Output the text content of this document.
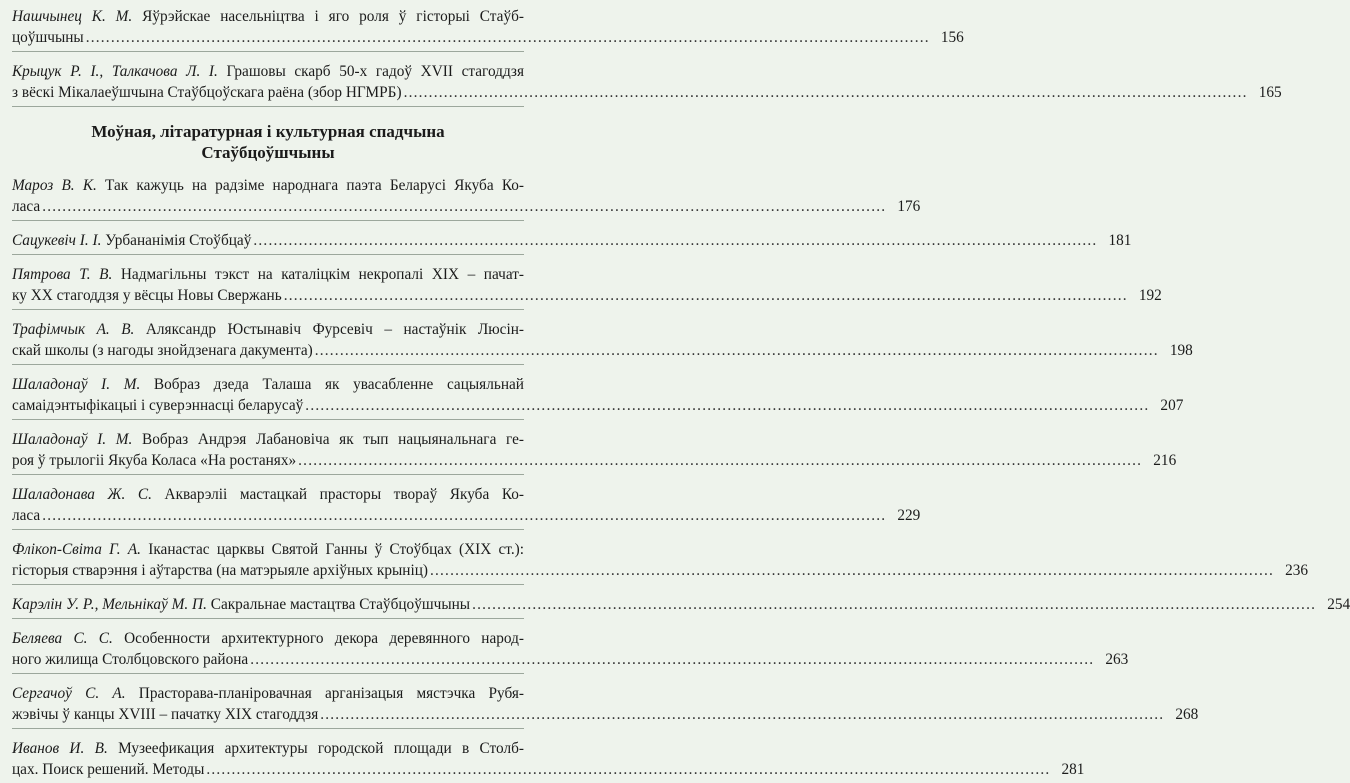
Нашчынец К. М. Яўрэйскае насельніцтва і яго роля ў гісторыі Стаўб-
цоўшчыны .....	156
Крыцук Р. І., Талкачова Л. І. Грашовы скарб 50-х гадоў XVII стагоддзя
з вёскі Мікалаеўшчына Стаўбцоўскага раёна (збор НГМРБ) .....	165
Моўная, літаратурная і культурная спадчына
Стаўбцоўшчыны
Мароз В. К. Так кажуць на радзіме народнага паэта Беларусі Якуба Ко-
ласа .....	176
Сацукевіч І. І. Урбананімія Стоўбцаў .....	181
Пятрова Т. В. Надмагільны тэкст на каталіцкім некропалі XIX – пачат-
ку XX стагоддзя у вёсцы Новы Свержань .....	192
Трафімчык А. В. Аляксандр Юстынавіч Фурсевіч – настаўнік Люсін-
скай школы (з нагоды знойдзенага дакумента) .....	198
Шаладонаў І. М. Вобраз дзеда Талаша як увасабленне сацыяльнай
самаідэнтыфікацыі і суверэннасці беларусаў .....	207
Шаладонаў І. М. Вобраз Андрэя Лабановіча як тып нацыянальнага ге-
роя ў трылогіі Якуба Коласа «На ростанях» .....	216
Шаладонава Ж. С. Акварэліі мастацкай прасторы твораў Якуба Ко-
ласа .....	229
Флікоп-Світа Г. А. Іканастас царквы Святой Ганны ў Стоўбцах (XIX ст.):
гісторыя стварэння і аўтарства (на матэрыяле архіўных крыніц) .....	236
Карэлін У. Р., Мельнікаў М. П. Сакральнае мастацтва Стаўбцоўшчыны .....	254
Беляева С. С. Особенности архитектурного декора деревянного народ-
ного жилища Столбцовского района .....	263
Сергачоў С. А. Прасторава-планіровачная арганізацыя мястэчка Рубя-
жэвічы ў канцы XVIII – пачатку XIX стагоддзя .....	268
Иванов И. В. Музеефикация архитектуры городской площади в Столб-
цах. Поиск решений. Методы .....	281
